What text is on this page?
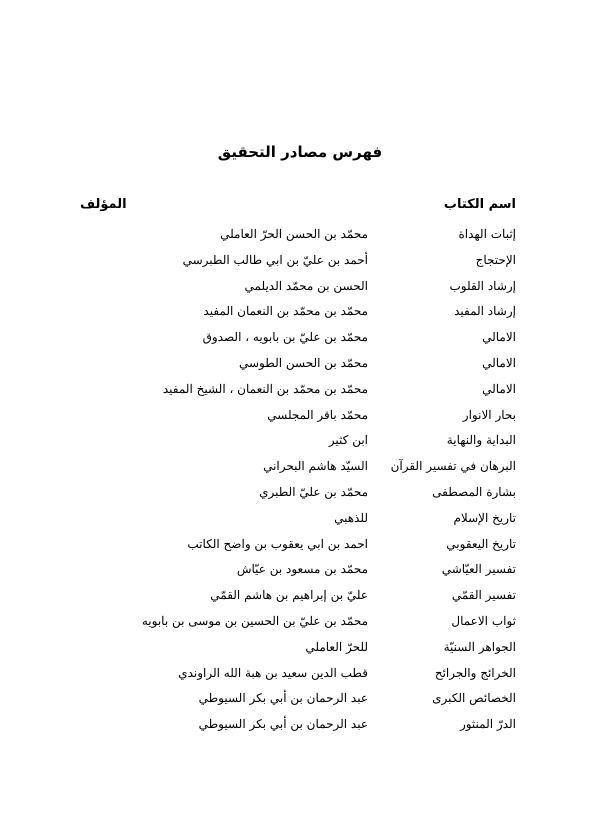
فهرس مصادر التحقيق
اسم الكتاب
المؤلف
إثبات الهداة
محمّد بن الحسن الحرّ العاملي
الإحتجاج
أحمد بن عليّ بن ابي طالب الطبرسي
إرشاد القلوب
الحسن بن محمّد الديلمي
إرشاد المفيد
محمّد بن محمّد بن النعمان المفيد
الامالي
محمّد بن عليّ بن بابويه ، الصدوق
الامالي
محمّد بن الحسن الطوسي
الامالي
محمّد بن محمّد بن النعمان ، الشيخ المفيد
بحار الانوار
محمّد باقر المجلسي
البداية والنهاية
ابن كثير
البرهان في تفسير القرآن
السيّد هاشم البحراني
بشارة المصطفى
محمّد بن عليّ الطبري
تاريخ الإسلام
للذهبي
تاريخ اليعقوبي
احمد بن ابي يعقوب بن واضح الكاتب
تفسير العيّاشي
محمّد بن مسعود بن عيّاش
تفسير القمّي
عليّ بن إبراهيم بن هاشم القمّي
ثواب الاعمال
محمّد بن عليّ بن الحسين بن موسى بن بابويه
الجواهر السنيّة
للحرّ العاملي
الخرائج والجرائح
قطب الدين سعيد بن هبة الله الراوندي
الخصائص الكبرى
عبد الرحمان بن أبي بكر السيوطي
الدرّ المنثور
عبد الرحمان بن أبي بكر السيوطي
